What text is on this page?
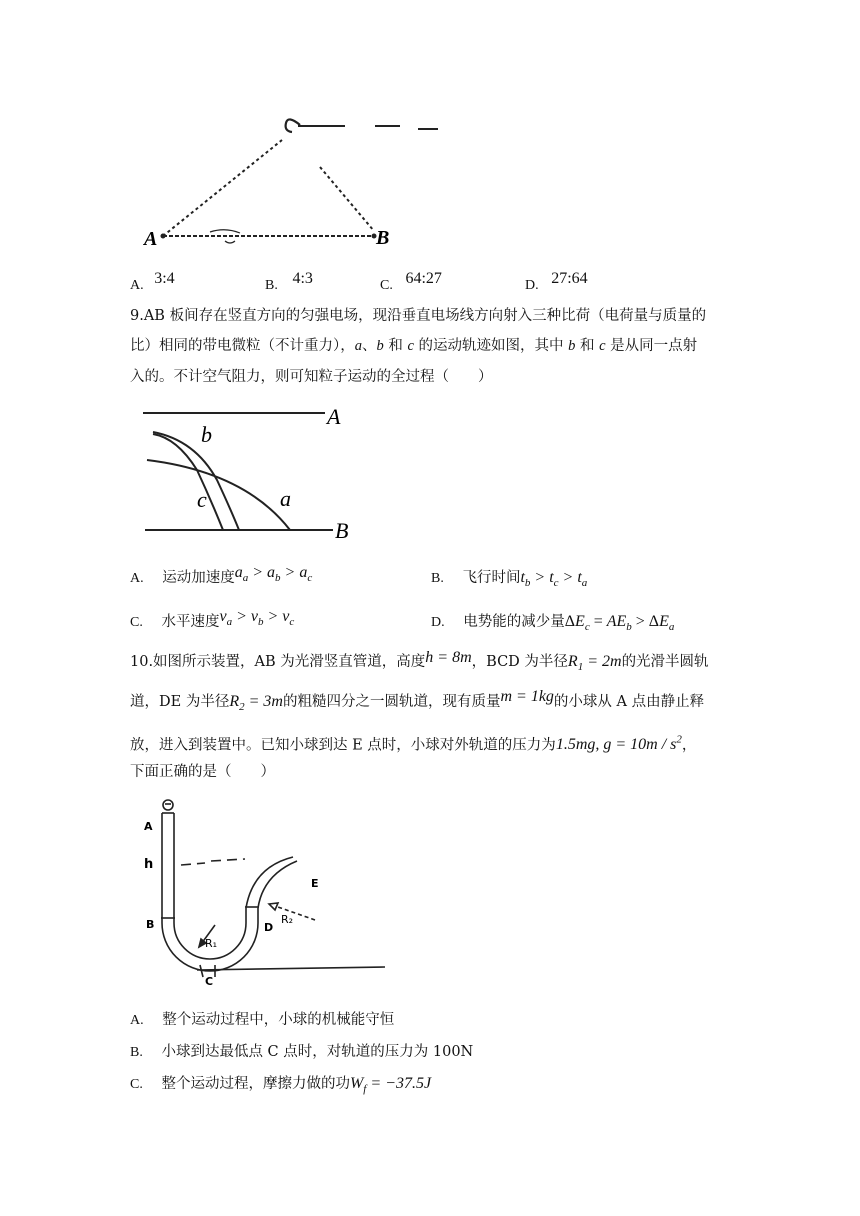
A	B
A. 3:4	B. 4:3	C. 64:27	D. 27:64
9.AB 板间存在竖直方向的匀强电场，现沿垂直电场线方向射入三种比荷（电荷量与质量的
比）相同的带电微粒（不计重力），a、b 和 c 的运动轨迹如图，其中 b 和 c 是从同一点射
入的。不计空气阻力，则可知粒子运动的全过程（　　）
A
B
b
c	a
A. 运动加速度$a_a > a_b > a_c$	B. 飞行时间$t_b > t_c > t_a$
C. 水平速度$v_a > v_b > v_c$	D. 电势能的减少量$\Delta E_c = AE_b > \Delta E_a$
10.如图所示装置，AB 为光滑竖直管道，高度h = 8m，BCD 为半径$R_1 = 2m$的光滑半圆轨
道，DE 为半径$R_2 = 3m$的粗糙四分之一圆轨道，现有质量m = 1kg的小球从 A 点由静止释
放，进入到装置中。已知小球到达 E 点时，小球对外轨道的压力为1.5mg, $g = 10m / s^2$，
下面正确的是（　　）
A
h
B
C
D
E
R₁
R₂
A. 整个运动过程中，小球的机械能守恒
B. 小球到达最低点 C 点时，对轨道的压力为 100N
C. 整个运动过程，摩擦力做的功$W_f = -37.5J$
